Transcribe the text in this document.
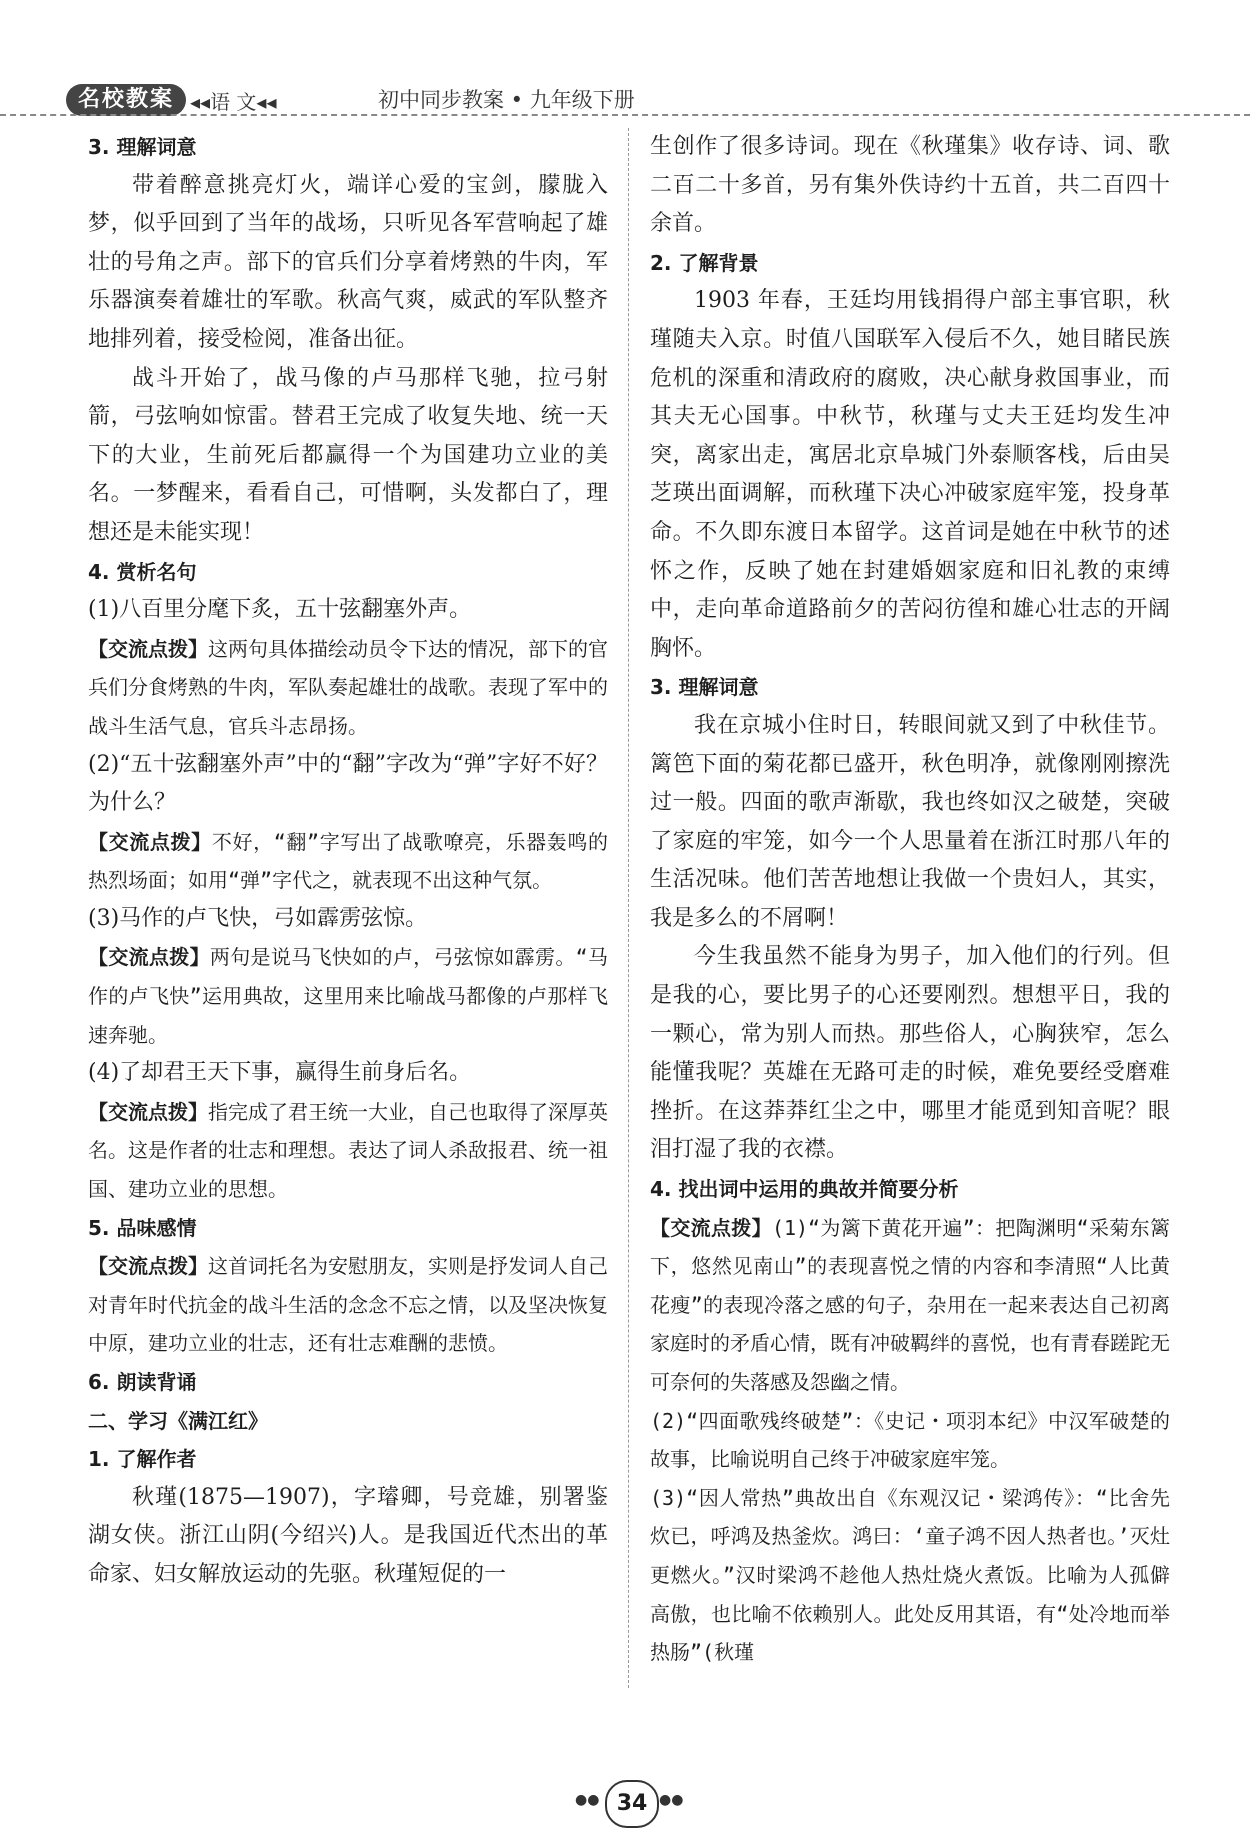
名校教案 ◂◂语 文◂◂	初中同步教案 • 九年级下册
3. 理解词意
带着醉意挑亮灯火，端详心爱的宝剑，朦胧入梦，似乎回到了当年的战场，只听见各军营响起了雄壮的号角之声。部下的官兵们分享着烤熟的牛肉，军乐器演奏着雄壮的军歌。秋高气爽，威武的军队整齐地排列着，接受检阅，准备出征。
战斗开始了，战马像的卢马那样飞驰，拉弓射箭，弓弦响如惊雷。替君王完成了收复失地、统一天下的大业，生前死后都赢得一个为国建功立业的美名。一梦醒来，看看自己，可惜啊，头发都白了，理想还是未能实现！
4. 赏析名句
(1)八百里分麾下炙，五十弦翻塞外声。
【交流点拨】这两句具体描绘动员令下达的情况，部下的官兵们分食烤熟的牛肉，军队奏起雄壮的战歌。表现了军中的战斗生活气息，官兵斗志昂扬。
(2)“五十弦翻塞外声”中的“翻”字改为“弹”字好不好？为什么？
【交流点拨】不好，“翻”字写出了战歌嘹亮，乐器轰鸣的热烈场面；如用“弹”字代之，就表现不出这种气氛。
(3)马作的卢飞快，弓如霹雳弦惊。
【交流点拨】两句是说马飞快如的卢，弓弦惊如霹雳。“马作的卢飞快”运用典故，这里用来比喻战马都像的卢那样飞速奔驰。
(4)了却君王天下事，赢得生前身后名。
【交流点拨】指完成了君王统一大业，自己也取得了深厚英名。这是作者的壮志和理想。表达了词人杀敌报君、统一祖国、建功立业的思想。
5. 品味感情
【交流点拨】这首词托名为安慰朋友，实则是抒发词人自己对青年时代抗金的战斗生活的念念不忘之情，以及坚决恢复中原，建功立业的壮志，还有壮志难酬的悲愤。
6. 朗读背诵
二、学习《满江红》
1. 了解作者
秋瑾(1875—1907)，字璿卿，号竞雄，别署鉴湖女侠。浙江山阴(今绍兴)人。是我国近代杰出的革命家、妇女解放运动的先驱。秋瑾短促的一
生创作了很多诗词。现在《秋瑾集》收存诗、词、歌二百二十多首，另有集外佚诗约十五首，共二百四十余首。
2. 了解背景
1903 年春，王廷均用钱捐得户部主事官职，秋瑾随夫入京。时值八国联军入侵后不久，她目睹民族危机的深重和清政府的腐败，决心献身救国事业，而其夫无心国事。中秋节，秋瑾与丈夫王廷均发生冲突，离家出走，寓居北京阜城门外泰顺客栈，后由吴芝瑛出面调解，而秋瑾下决心冲破家庭牢笼，投身革命。不久即东渡日本留学。这首词是她在中秋节的述怀之作，反映了她在封建婚姻家庭和旧礼教的束缚中，走向革命道路前夕的苦闷彷徨和雄心壮志的开阔胸怀。
3. 理解词意
我在京城小住时日，转眼间就又到了中秋佳节。篱笆下面的菊花都已盛开，秋色明净，就像刚刚擦洗过一般。四面的歌声渐歇，我也终如汉之破楚，突破了家庭的牢笼，如今一个人思量着在浙江时那八年的生活况味。他们苦苦地想让我做一个贵妇人，其实，我是多么的不屑啊！
今生我虽然不能身为男子，加入他们的行列。但是我的心，要比男子的心还要刚烈。想想平日，我的一颗心，常为别人而热。那些俗人，心胸狭窄，怎么能懂我呢？英雄在无路可走的时候，难免要经受磨难挫折。在这莽莽红尘之中，哪里才能觅到知音呢？眼泪打湿了我的衣襟。
4. 找出词中运用的典故并简要分析
【交流点拨】(1)“为篱下黄花开遍”：把陶渊明“采菊东篱下，悠然见南山”的表现喜悦之情的内容和李清照“人比黄花瘦”的表现冷落之感的句子，杂用在一起来表达自己初离家庭时的矛盾心情，既有冲破羁绊的喜悦，也有青春蹉跎无可奈何的失落感及怨幽之情。
(2)“四面歌残终破楚”：《史记・项羽本纪》中汉军破楚的故事，比喻说明自己终于冲破家庭牢笼。
(3)“因人常热”典故出自《东观汉记・梁鸿传》：“比舍先炊已，呼鸿及热釜炊。鸿曰：‘童子鸿不因人热者也。’灭灶更燃火。”汉时梁鸿不趁他人热灶烧火煮饭。比喻为人孤僻高傲，也比喻不依赖别人。此处反用其语，有“处冷地而举热肠”(秋瑾
●● 34 ●●
